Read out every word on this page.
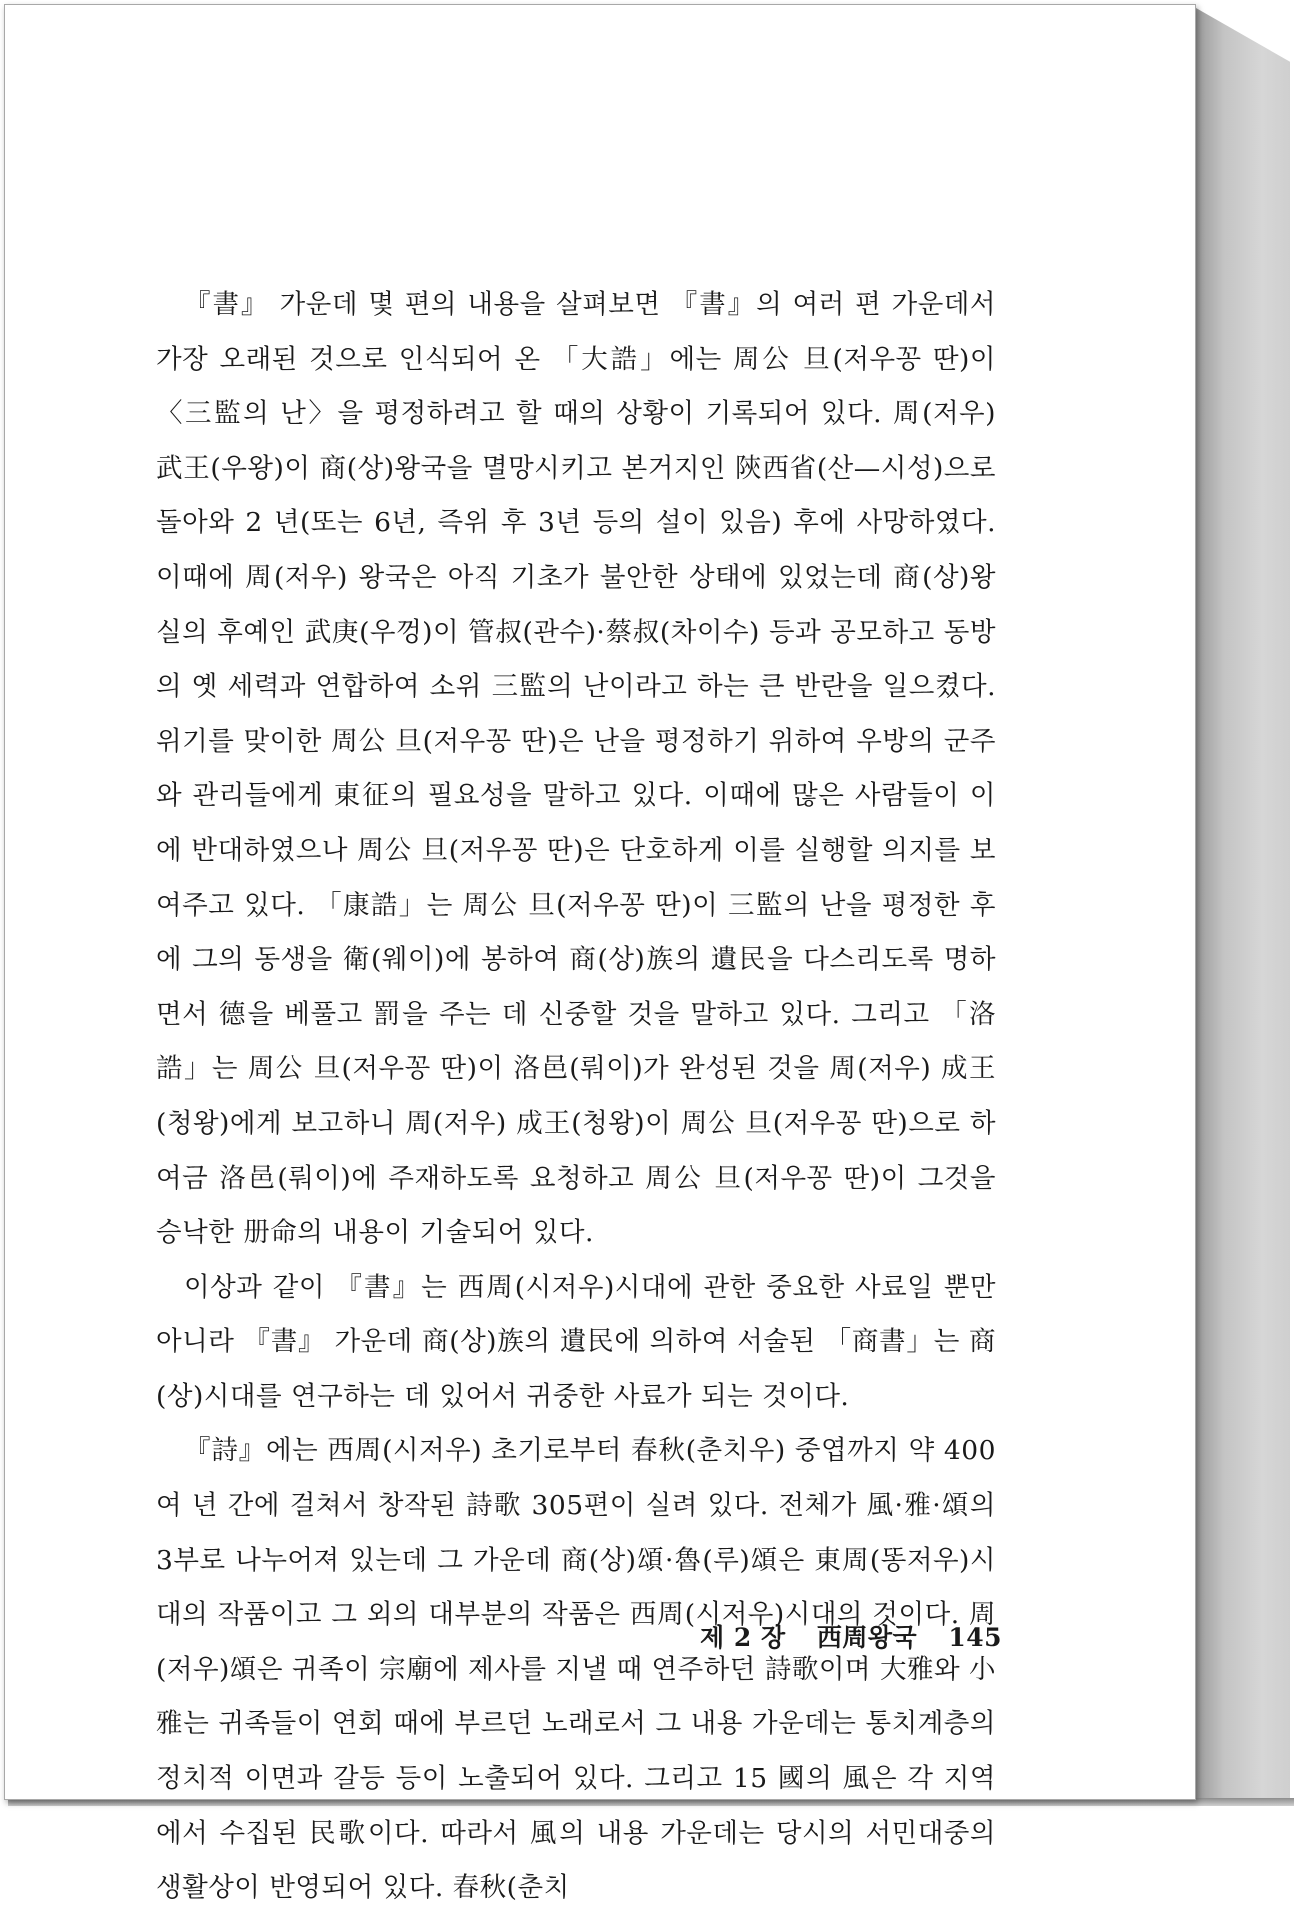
『書』 가운데 몇 편의 내용을 살펴보면 『書』의 여러 편 가운데서 가장 오래된 것으로 인식되어 온 「大誥」에는 周公 旦(저우꽁 딴)이 〈三監의 난〉을 평정하려고 할 때의 상황이 기록되어 있다. 周(저우) 武王(우왕)이 商(상)왕국을 멸망시키고 본거지인 陝西省(산—시성)으로 돌아와 2 년(또는 6년, 즉위 후 3년 등의 설이 있음) 후에 사망하였다. 이때에 周(저우) 왕국은 아직 기초가 불안한 상태에 있었는데 商(상)왕실의 후예인 武庚(우껑)이 管叔(관수)·蔡叔(차이수) 등과 공모하고 동방의 옛 세력과 연합하여 소위 三監의 난이라고 하는 큰 반란을 일으켰다. 위기를 맞이한 周公 旦(저우꽁 딴)은 난을 평정하기 위하여 우방의 군주와 관리들에게 東征의 필요성을 말하고 있다. 이때에 많은 사람들이 이에 반대하였으나 周公 旦(저우꽁 딴)은 단호하게 이를 실행할 의지를 보여주고 있다. 「康誥」는 周公 旦(저우꽁 딴)이 三監의 난을 평정한 후에 그의 동생을 衛(웨이)에 봉하여 商(상)族의 遺民을 다스리도록 명하면서 德을 베풀고 罰을 주는 데 신중할 것을 말하고 있다. 그리고 「洛誥」는 周公 旦(저우꽁 딴)이 洛邑(뤄이)가 완성된 것을 周(저우) 成王(청왕)에게 보고하니 周(저우) 成王(청왕)이 周公 旦(저우꽁 딴)으로 하여금 洛邑(뤄이)에 주재하도록 요청하고 周公 旦(저우꽁 딴)이 그것을 승낙한 册命의 내용이 기술되어 있다.

이상과 같이 『書』는 西周(시저우)시대에 관한 중요한 사료일 뿐만 아니라 『書』 가운데 商(상)族의 遺民에 의하여 서술된 「商書」는 商(상)시대를 연구하는 데 있어서 귀중한 사료가 되는 것이다.

『詩』에는 西周(시저우) 초기로부터 春秋(춘치우) 중엽까지 약 400 여 년 간에 걸쳐서 창작된 詩歌 305편이 실려 있다. 전체가 風·雅·頌의 3부로 나누어져 있는데 그 가운데 商(상)頌·魯(루)頌은 東周(똥저우)시대의 작품이고 그 외의 대부분의 작품은 西周(시저우)시대의 것이다. 周(저우)頌은 귀족이 宗廟에 제사를 지낼 때 연주하던 詩歌이며 大雅와 小雅는 귀족들이 연회 때에 부르던 노래로서 그 내용 가운데는 통치계층의 정치적 이면과 갈등 등이 노출되어 있다. 그리고 15 國의 風은 각 지역에서 수집된 民歌이다. 따라서 風의 내용 가운데는 당시의 서민대중의 생활상이 반영되어 있다. 春秋(춘치

제 2 장 西周왕국 145
